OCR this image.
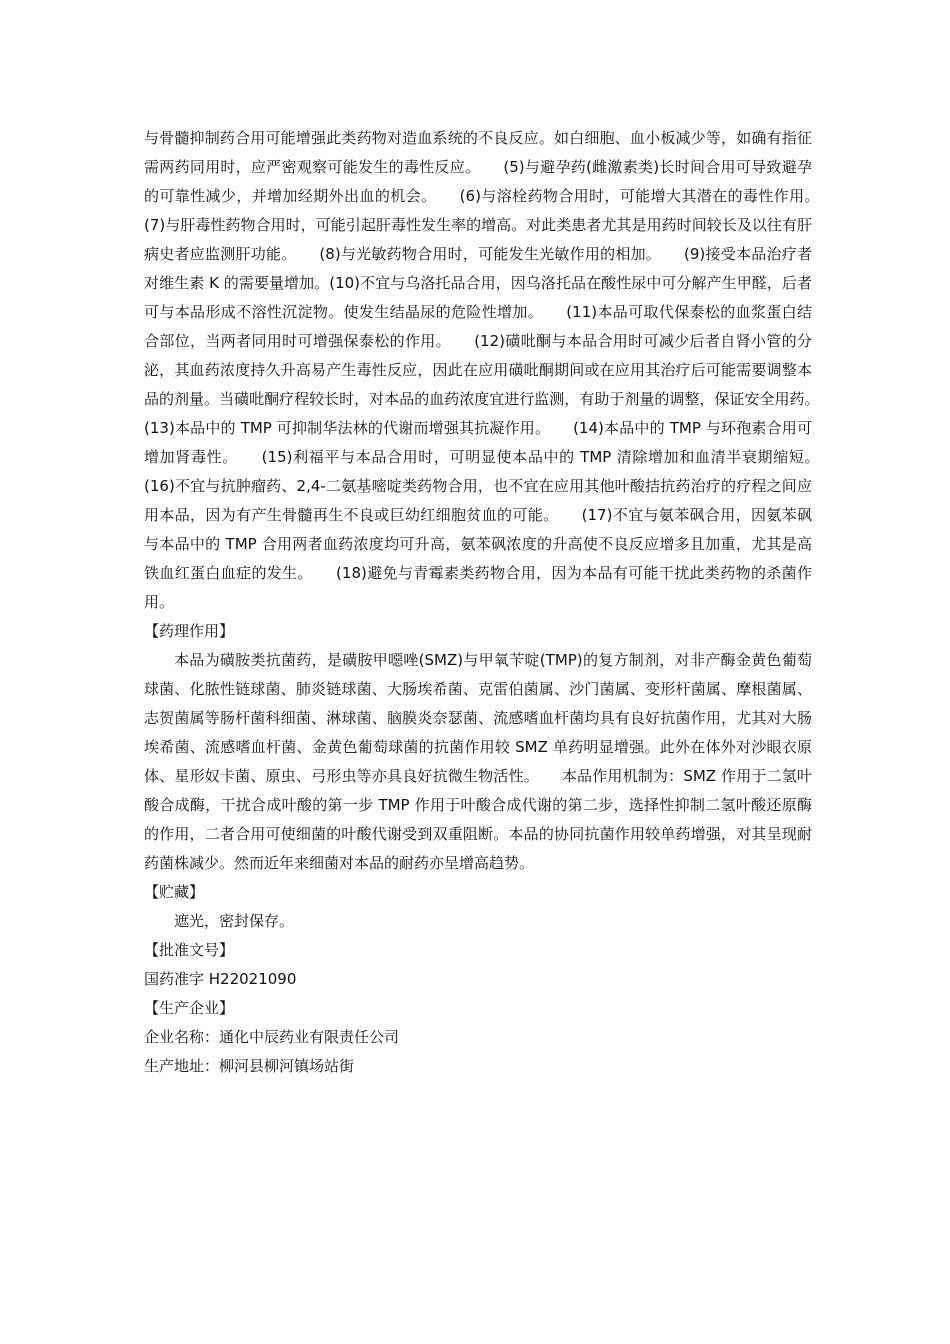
与骨髓抑制药合用可能增强此类药物对造血系统的不良反应。如白细胞、血小板减少等，如确有指征需两药同用时，应严密观察可能发生的毒性反应。　　(5)与避孕药(雌激素类)长时间合用可导致避孕的可靠性减少，并增加经期外出血的机会。　　(6)与溶栓药物合用时，可能增大其潜在的毒性作用。　　(7)与肝毒性药物合用时，可能引起肝毒性发生率的增高。对此类患者尤其是用药时间较长及以往有肝病史者应监测肝功能。　　(8)与光敏药物合用时，可能发生光敏作用的相加。　　(9)接受本品治疗者对维生素 K 的需要量增加。(10)不宜与乌洛托品合用，因乌洛托品在酸性尿中可分解产生甲醛，后者可与本品形成不溶性沉淀物。使发生结晶尿的危险性增加。　　(11)本品可取代保泰松的血浆蛋白结合部位，当两者同用时可增强保泰松的作用。　　(12)磺吡酮与本品合用时可减少后者自肾小管的分泌，其血药浓度持久升高易产生毒性反应，因此在应用磺吡酮期间或在应用其治疗后可能需要调整本品的剂量。当磺吡酮疗程较长时，对本品的血药浓度宜进行监测，有助于剂量的调整，保证安全用药。　　(13)本品中的 TMP 可抑制华法林的代谢而增强其抗凝作用。　　(14)本品中的 TMP 与环孢素合用可增加肾毒性。　　(15)利福平与本品合用时，可明显使本品中的 TMP 清除增加和血清半衰期缩短。　　(16)不宜与抗肿瘤药、2,4-二氨基嘧啶类药物合用，也不宜在应用其他叶酸拮抗药治疗的疗程之间应用本品，因为有产生骨髓再生不良或巨幼红细胞贫血的可能。　　(17)不宜与氨苯砜合用，因氨苯砜与本品中的 TMP 合用两者血药浓度均可升高，氨苯砜浓度的升高使不良反应增多且加重，尤其是高铁血红蛋白血症的发生。　　(18)避免与青霉素类药物合用，因为本品有可能干扰此类药物的杀菌作用。

【药理作用】

本品为磺胺类抗菌药，是磺胺甲噁唑(SMZ)与甲氧苄啶(TMP)的复方制剂，对非产酶金黄色葡萄球菌、化脓性链球菌、肺炎链球菌、大肠埃希菌、克雷伯菌属、沙门菌属、变形杆菌属、摩根菌属、志贺菌属等肠杆菌科细菌、淋球菌、脑膜炎奈瑟菌、流感嗜血杆菌均具有良好抗菌作用，尤其对大肠埃希菌、流感嗜血杆菌、金黄色葡萄球菌的抗菌作用较 SMZ 单药明显增强。此外在体外对沙眼衣原体、星形奴卡菌、原虫、弓形虫等亦具良好抗微生物活性。　　本品作用机制为：SMZ 作用于二氢叶酸合成酶，干扰合成叶酸的第一步 TMP 作用于叶酸合成代谢的第二步，选择性抑制二氢叶酸还原酶的作用，二者合用可使细菌的叶酸代谢受到双重阻断。本品的协同抗菌作用较单药增强，对其呈现耐药菌株减少。然而近年来细菌对本品的耐药亦呈增高趋势。

【贮藏】

遮光，密封保存。

【批准文号】

国药准字 H22021090

【生产企业】

企业名称：通化中辰药业有限责任公司

生产地址：柳河县柳河镇场站街
